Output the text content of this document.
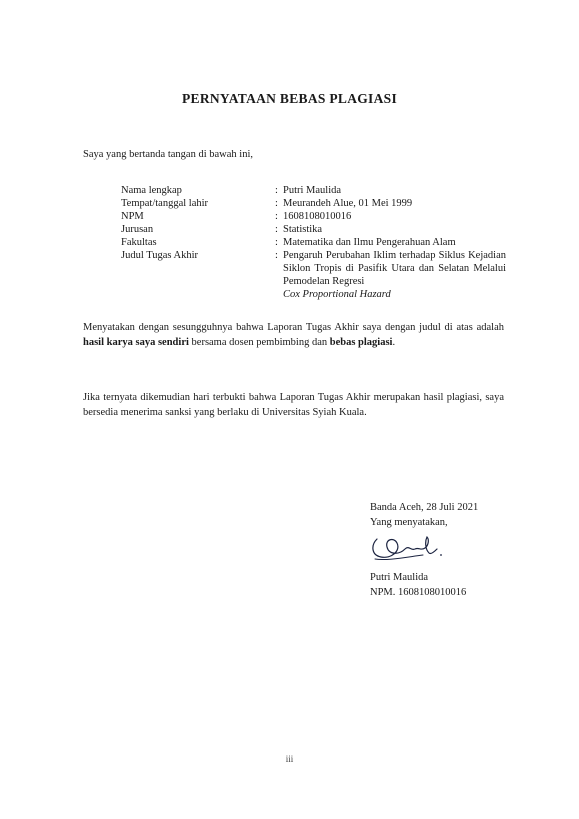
PERNYATAAN BEBAS PLAGIASI
Saya yang bertanda tangan di bawah ini,
Nama lengkap	: Putri Maulida
Tempat/tanggal lahir	: Meurandeh Alue, 01 Mei 1999
NPM	: 1608108010016
Jurusan	: Statistika
Fakultas	: Matematika dan Ilmu Pengerahuan Alam
Judul Tugas Akhir	: Pengaruh Perubahan Iklim terhadap Siklus Kejadian Siklon Tropis di Pasifik Utara dan Selatan Melalui Pemodelan Regresi
Cox Proportional Hazard
Menyatakan dengan sesungguhnya bahwa Laporan Tugas Akhir saya dengan judul di atas adalah hasil karya saya sendiri bersama dosen pembimbing dan bebas plagiasi.
Jika ternyata dikemudian hari terbukti bahwa Laporan Tugas Akhir merupakan hasil plagiasi, saya bersedia menerima sanksi yang berlaku di Universitas Syiah Kuala.
Banda Aceh, 28 Juli 2021
Yang menyatakan,
Putri Maulida
NPM. 1608108010016
iii
